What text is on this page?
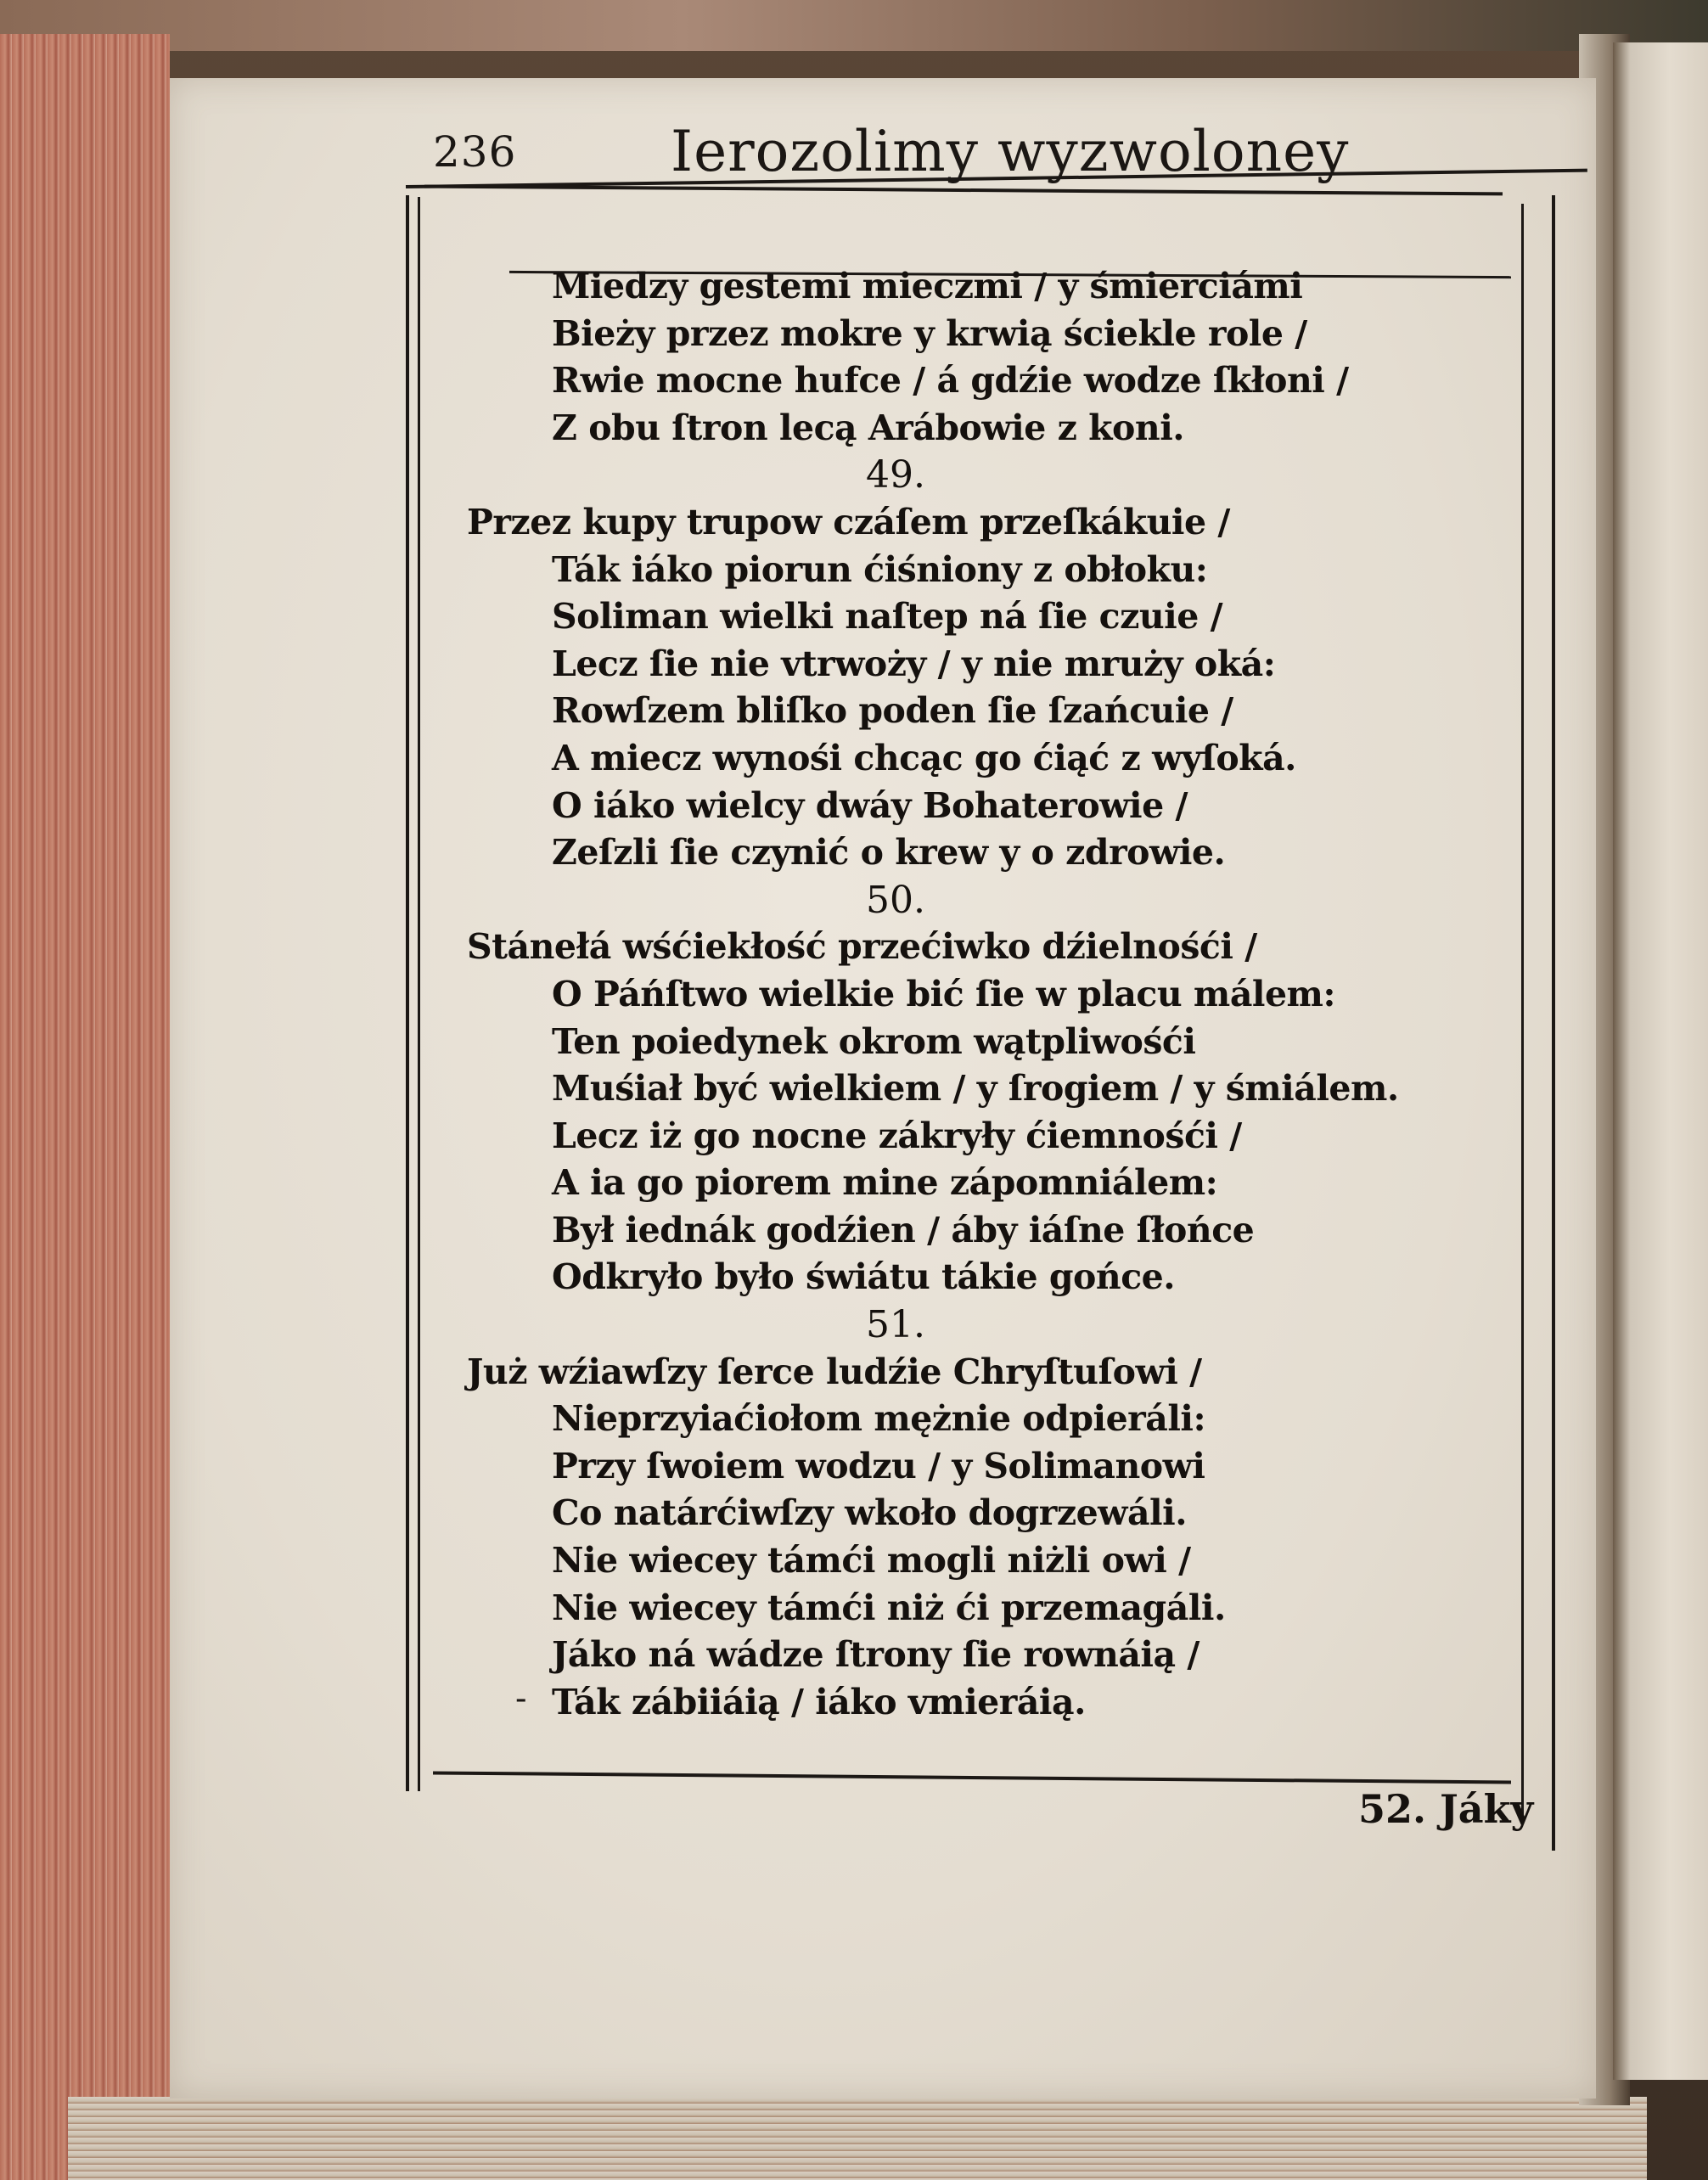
236	Ierozolimy wyzwoloney
Miedzy gestemi mieczmi / y śmierciámi
Bieży przez mokre y krwią ściekle role /
Rwie mocne hufce / á gdźie wodze ſkłoni /
Z obu ſtron lecą Arábowie z koni.
49.
Przez kupy trupow czáſem przeſkákuie /
Ták iáko piorun ćiśniony z obłoku:
Soliman wielki naſtep ná ſie czuie /
Lecz ſie nie vtrwoży / y nie mruży oká:
Rowſzem bliſko poden ſie ſzańcuie /
A miecz wynośi chcąc go ćiąć z wyſoká.
O iáko wielcy dwáy Bohaterowie /
Zeſzli ſie czynić o krew y o zdrowie.
50.
Stánełá wśćiekłość przećiwko dźielnośći /
O Páńſtwo wielkie bić ſie w placu málem:
Ten poiedynek okrom wątpliwośći
Muśiał być wielkiem / y ſrogiem / y śmiálem.
Lecz iż go nocne zákryły ćiemnośći /
A ia go piorem mine zápomniálem:
Był iednák godźien / áby iáſne ſłońce
Odkryło było świátu tákie gońce.
51.
Już wźiawſzy ſerce ludźie Chryſtuſowi /
Nieprzyiaćiołom mężnie odpieráli:
Przy ſwoiem wodzu / y Solimanowi
Co natárćiwſzy wkoło dogrzewáli.
Nie wiecey támći mogli niżli owi /
Nie wiecey támći niż ći przemagáli.
Jáko ná wádze ſtrony ſie rownáią /
Ták zábiiáią / iáko vmieráią.
-
52. Jáky
